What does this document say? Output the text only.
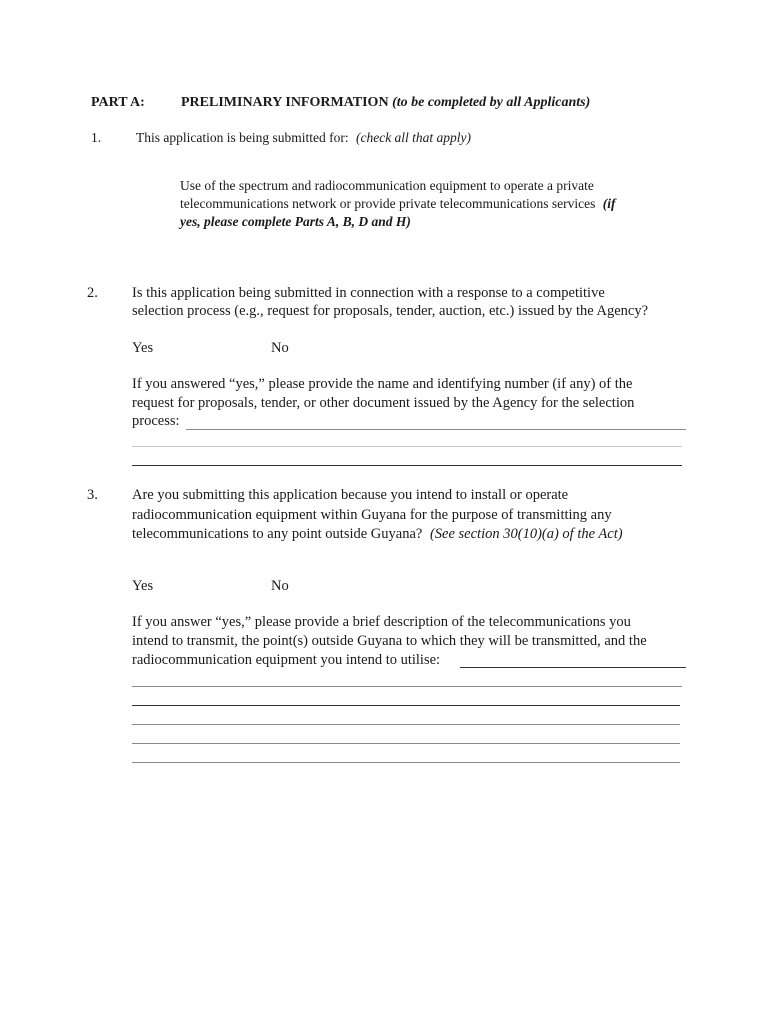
PART A:	PRELIMINARY INFORMATION (to be completed by all Applicants)
1.	This application is being submitted for: (check all that apply)
Use of the spectrum and radiocommunication equipment to operate a private
telecommunications network or provide private telecommunications services (if
yes, please complete Parts A, B, D and H)
2. Is this application being submitted in connection with a response to a competitive
selection process (e.g., request for proposals, tender, auction, etc.) issued by the Agency?
Yes	No
If you answered “yes,” please provide the name and identifying number (if any) of the
request for proposals, tender, or other document issued by the Agency for the selection
process:
3. Are you submitting this application because you intend to install or operate
radiocommunication equipment within Guyana for the purpose of transmitting any
telecommunications to any point outside Guyana? (See section 30(10)(a) of the Act)
Yes	No
If you answer “yes,” please provide a brief description of the telecommunications you
intend to transmit, the point(s) outside Guyana to which they will be transmitted, and the
radiocommunication equipment you intend to utilise:
